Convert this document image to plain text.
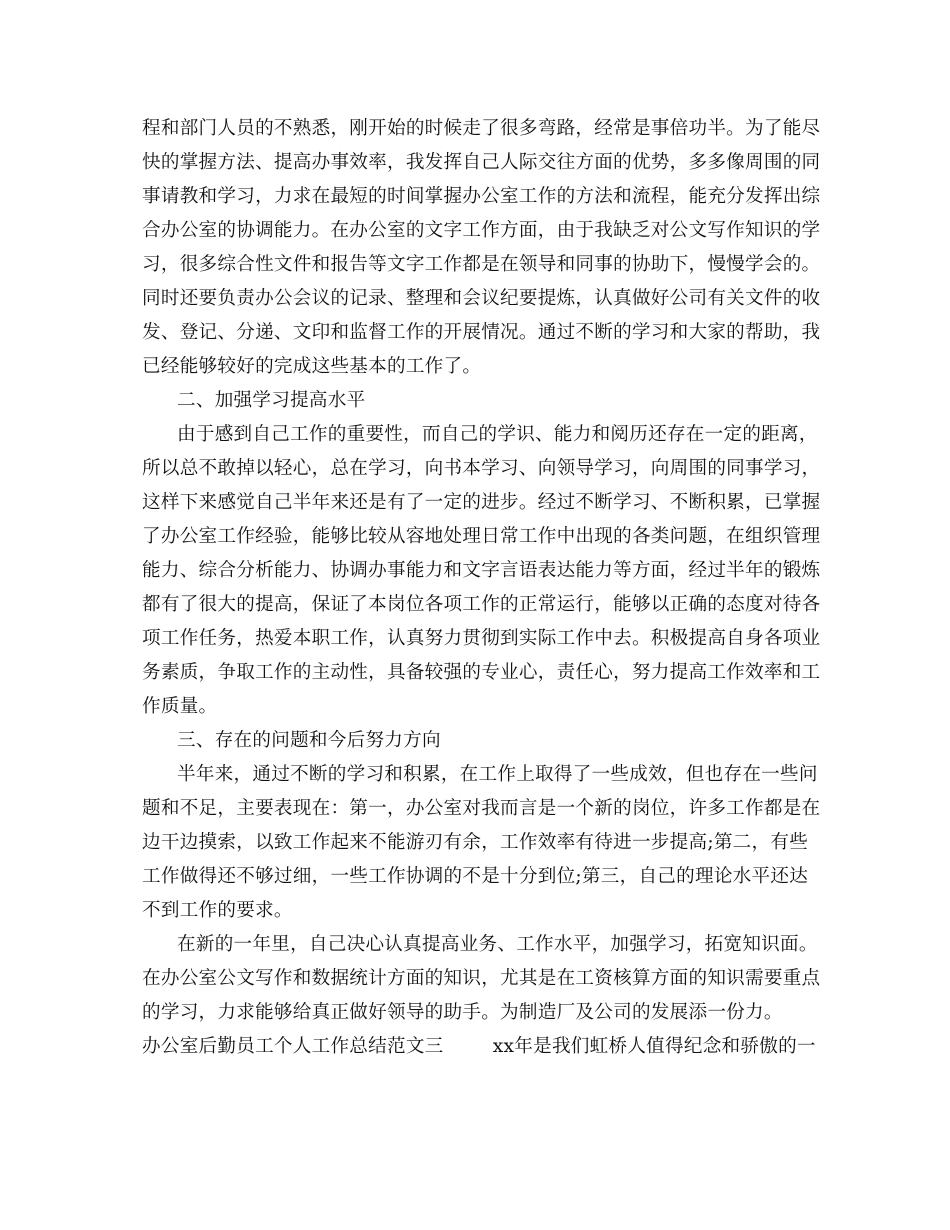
程和部门人员的不熟悉，刚开始的时候走了很多弯路，经常是事倍功半。为了能尽
快的掌握方法、提高办事效率，我发挥自己人际交往方面的优势，多多像周围的同
事请教和学习，力求在最短的时间掌握办公室工作的方法和流程，能充分发挥出综
合办公室的协调能力。在办公室的文字工作方面，由于我缺乏对公文写作知识的学
习，很多综合性文件和报告等文字工作都是在领导和同事的协助下，慢慢学会的。
同时还要负责办公会议的记录、整理和会议纪要提炼，认真做好公司有关文件的收
发、登记、分递、文印和监督工作的开展情况。通过不断的学习和大家的帮助，我
已经能够较好的完成这些基本的工作了。
二、加强学习提高水平
由于感到自己工作的重要性，而自己的学识、能力和阅历还存在一定的距离，
所以总不敢掉以轻心，总在学习，向书本学习、向领导学习，向周围的同事学习，
这样下来感觉自己半年来还是有了一定的进步。经过不断学习、不断积累，已掌握
了办公室工作经验，能够比较从容地处理日常工作中出现的各类问题，在组织管理
能力、综合分析能力、协调办事能力和文字言语表达能力等方面，经过半年的锻炼
都有了很大的提高，保证了本岗位各项工作的正常运行，能够以正确的态度对待各
项工作任务，热爱本职工作，认真努力贯彻到实际工作中去。积极提高自身各项业
务素质，争取工作的主动性，具备较强的专业心，责任心，努力提高工作效率和工
作质量。
三、存在的问题和今后努力方向
半年来，通过不断的学习和积累，在工作上取得了一些成效，但也存在一些问
题和不足，主要表现在：第一，办公室对我而言是一个新的岗位，许多工作都是在
边干边摸索，以致工作起来不能游刃有余，工作效率有待进一步提高;第二，有些
工作做得还不够过细，一些工作协调的不是十分到位;第三，自己的理论水平还达
不到工作的要求。
在新的一年里，自己决心认真提高业务、工作水平，加强学习，拓宽知识面。
在办公室公文写作和数据统计方面的知识，尤其是在工资核算方面的知识需要重点
的学习，力求能够给真正做好领导的助手。为制造厂及公司的发展添一份力。
办公室后勤员工个人工作总结范文三        xx年是我们虹桥人值得纪念和骄傲的一
